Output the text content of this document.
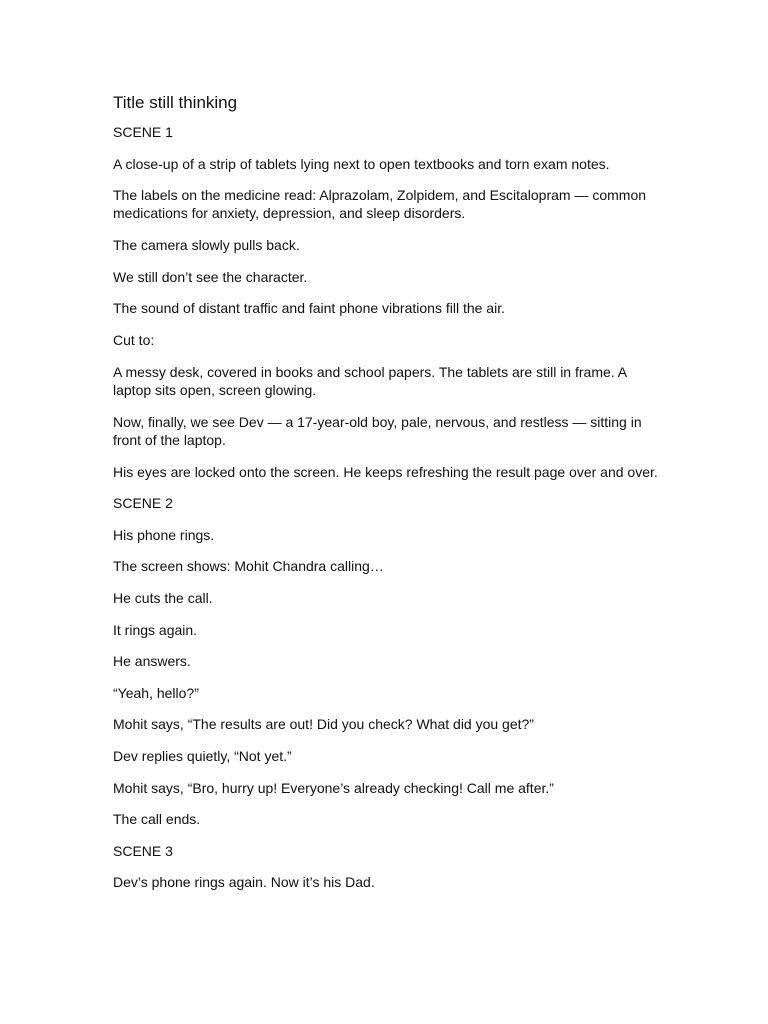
Title still thinking

SCENE 1

A close-up of a strip of tablets lying next to open textbooks and torn exam notes.

The labels on the medicine read: Alprazolam, Zolpidem, and Escitalopram — common medications for anxiety, depression, and sleep disorders.

The camera slowly pulls back.

We still don’t see the character.

The sound of distant traffic and faint phone vibrations fill the air.

Cut to:

A messy desk, covered in books and school papers. The tablets are still in frame. A laptop sits open, screen glowing.

Now, finally, we see Dev — a 17-year-old boy, pale, nervous, and restless — sitting in front of the laptop.

His eyes are locked onto the screen. He keeps refreshing the result page over and over.

SCENE 2

His phone rings.

The screen shows: Mohit Chandra calling…

He cuts the call.

It rings again.

He answers.

“Yeah, hello?”

Mohit says, “The results are out! Did you check? What did you get?”

Dev replies quietly, “Not yet.”

Mohit says, “Bro, hurry up! Everyone’s already checking! Call me after.”

The call ends.

SCENE 3

Dev’s phone rings again. Now it’s his Dad.
